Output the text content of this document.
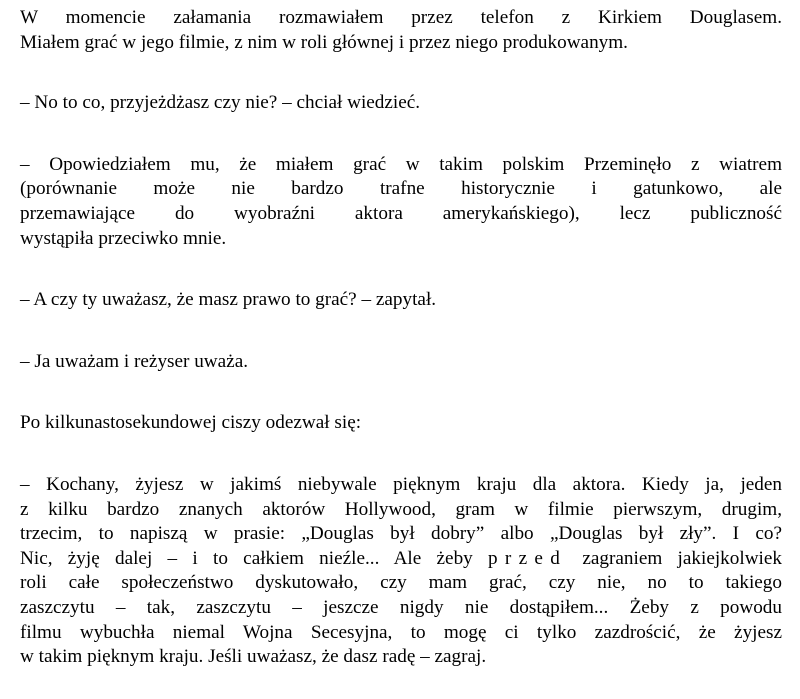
W momencie załamania rozmawiałem przez telefon z Kirkiem Douglasem.
Miałem grać w jego filmie, z nim w roli głównej i przez niego produkowanym.

– No to co, przyjeżdżasz czy nie? – chciał wiedzieć.

– Opowiedziałem mu, że miałem grać w takim polskim Przeminęło z wiatrem
(porównanie może nie bardzo trafne historycznie i gatunkowo, ale
przemawiające do wyobraźni aktora amerykańskiego), lecz publiczność
wystąpiła przeciwko mnie.

– A czy ty uważasz, że masz prawo to grać? – zapytał.

– Ja uważam i reżyser uważa.

Po kilkunastosekundowej ciszy odezwał się:

– Kochany, żyjesz w jakimś niebywale pięknym kraju dla aktora. Kiedy ja, jeden
z kilku bardzo znanych aktorów Hollywood, gram w filmie pierwszym, drugim,
trzecim, to napiszą w prasie: „Douglas był dobry” albo „Douglas był zły”. I co?
Nic, żyję dalej – i to całkiem nieźle... Ale żeby przed zagraniem jakiejkolwiek
roli całe społeczeństwo dyskutowało, czy mam grać, czy nie, no to takiego
zaszczytu – tak, zaszczytu – jeszcze nigdy nie dostąpiłem... Żeby z powodu
filmu wybuchła niemal Wojna Secesyjna, to mogę ci tylko zazdrościć, że żyjesz
w takim pięknym kraju. Jeśli uważasz, że dasz radę – zagraj.
